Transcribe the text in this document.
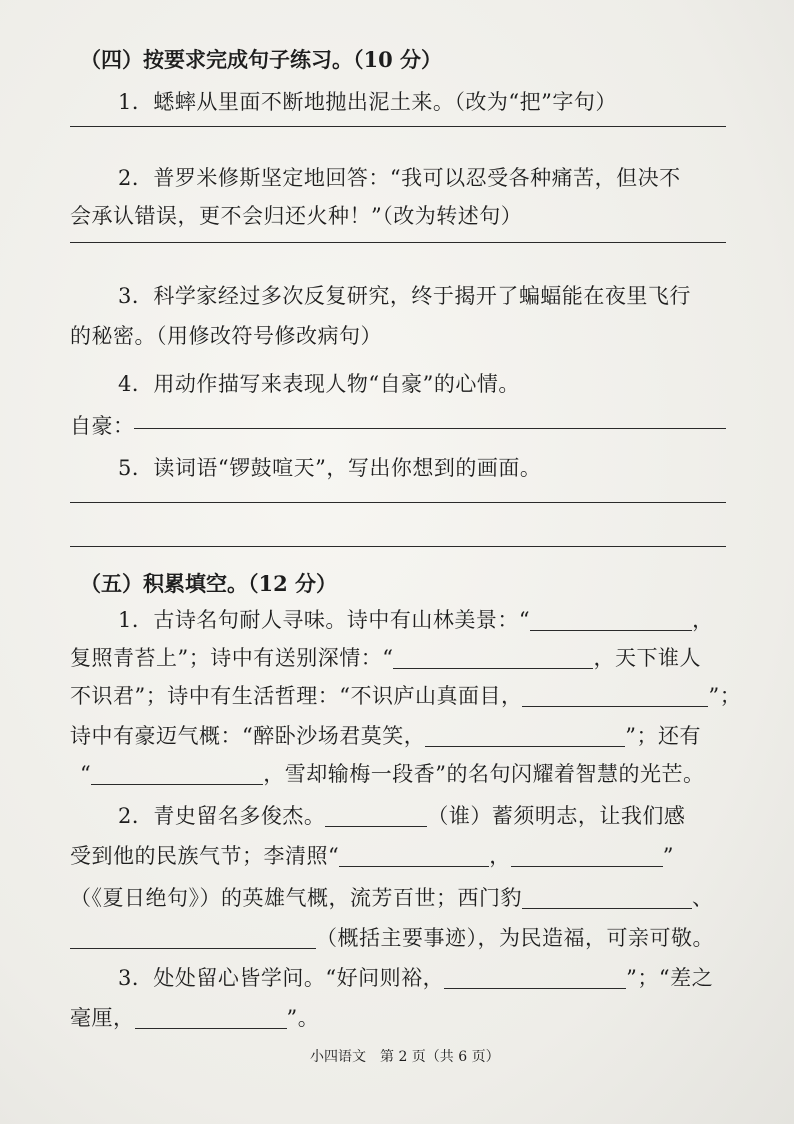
（四）按要求完成句子练习。（10 分）
1．蟋蟀从里面不断地抛出泥土来。（改为“把”字句）
2．普罗米修斯坚定地回答：“我可以忍受各种痛苦，但决不
会承认错误，更不会归还火种！”（改为转述句）
3．科学家经过多次反复研究，终于揭开了蝙蝠能在夜里飞行
的秘密。（用修改符号修改病句）
4．用动作描写来表现人物“自豪”的心情。
自豪：
5．读词语“锣鼓喧天”，写出你想到的画面。
（五）积累填空。（12 分）
1．古诗名句耐人寻味。诗中有山林美景：“	，
复照青苔上”；诗中有送别深情：“	，天下谁人
不识君”；诗中有生活哲理：“不识庐山真面目，	”；
诗中有豪迈气概：“醉卧沙场君莫笑，	”；还有
“	，雪却输梅一段香”的名句闪耀着智慧的光芒。
2．青史留名多俊杰。	（谁）蓄须明志，让我们感
受到他的民族气节；李清照“	，	”
（《夏日绝句》）的英雄气概，流芳百世；西门豹	、
（概括主要事迹），为民造福，可亲可敬。
3．处处留心皆学问。“好问则裕，	”；“差之
毫厘，	”。
小四语文　第 2 页（共 6 页）
